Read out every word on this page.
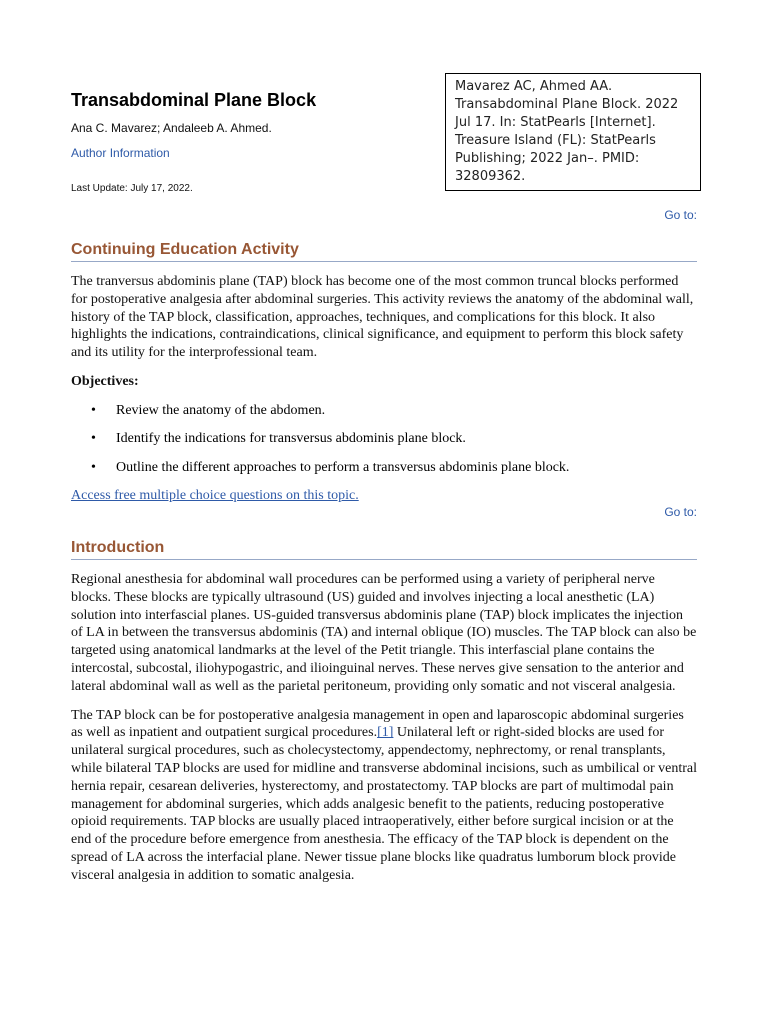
Transabdominal Plane Block
Ana C. Mavarez; Andaleeb A. Ahmed.
Author Information
Last Update: July 17, 2022.
Continuing Education Activity

The tranversus abdominis plane (TAP) block has become one of the most common truncal blocks performed for postoperative analgesia after abdominal surgeries. This activity reviews the anatomy of the abdominal wall, history of the TAP block, classification, approaches, techniques, and complications for this block. It also highlights the indications, contraindications, clinical significance, and equipment to perform this block safety and its utility for the interprofessional team.

Objectives:

• Review the anatomy of the abdomen.
• Identify the indications for transversus abdominis plane block.
• Outline the different approaches to perform a transversus abdominis plane block.

Access free multiple choice questions on this topic.

Introduction

Regional anesthesia for abdominal wall procedures can be performed using a variety of peripheral nerve blocks. These blocks are typically ultrasound (US) guided and involves injecting a local anesthetic (LA) solution into interfascial planes. US-guided transversus abdominis plane (TAP) block implicates the injection of LA in between the transversus abdominis (TA) and internal oblique (IO) muscles. The TAP block can also be targeted using anatomical landmarks at the level of the Petit triangle. This interfascial plane contains the intercostal, subcostal, iliohypogastric, and ilioinguinal nerves. These nerves give sensation to the anterior and lateral abdominal wall as well as the parietal peritoneum, providing only somatic and not visceral analgesia.

The TAP block can be for postoperative analgesia management in open and laparoscopic abdominal surgeries as well as inpatient and outpatient surgical procedures.[1] Unilateral left or right-sided blocks are used for unilateral surgical procedures, such as cholecystectomy, appendectomy, nephrectomy, or renal transplants, while bilateral TAP blocks are used for midline and transverse abdominal incisions, such as umbilical or ventral hernia repair, cesarean deliveries, hysterectomy, and prostatectomy. TAP blocks are part of multimodal pain management for abdominal surgeries, which adds analgesic benefit to the patients, reducing postoperative opioid requirements. TAP blocks are usually placed intraoperatively, either before surgical incision or at the end of the procedure before emergence from anesthesia. The efficacy of the TAP block is dependent on the spread of LA across the interfacial plane. Newer tissue plane blocks like quadratus lumborum block provide visceral analgesia in addition to somatic analgesia.

Mavarez AC, Ahmed AA. Transabdominal Plane Block. 2022 Jul 17. In: StatPearls [Internet]. Treasure Island (FL): StatPearls Publishing; 2022 Jan–. PMID: 32809362.
Go to:
Go to:
